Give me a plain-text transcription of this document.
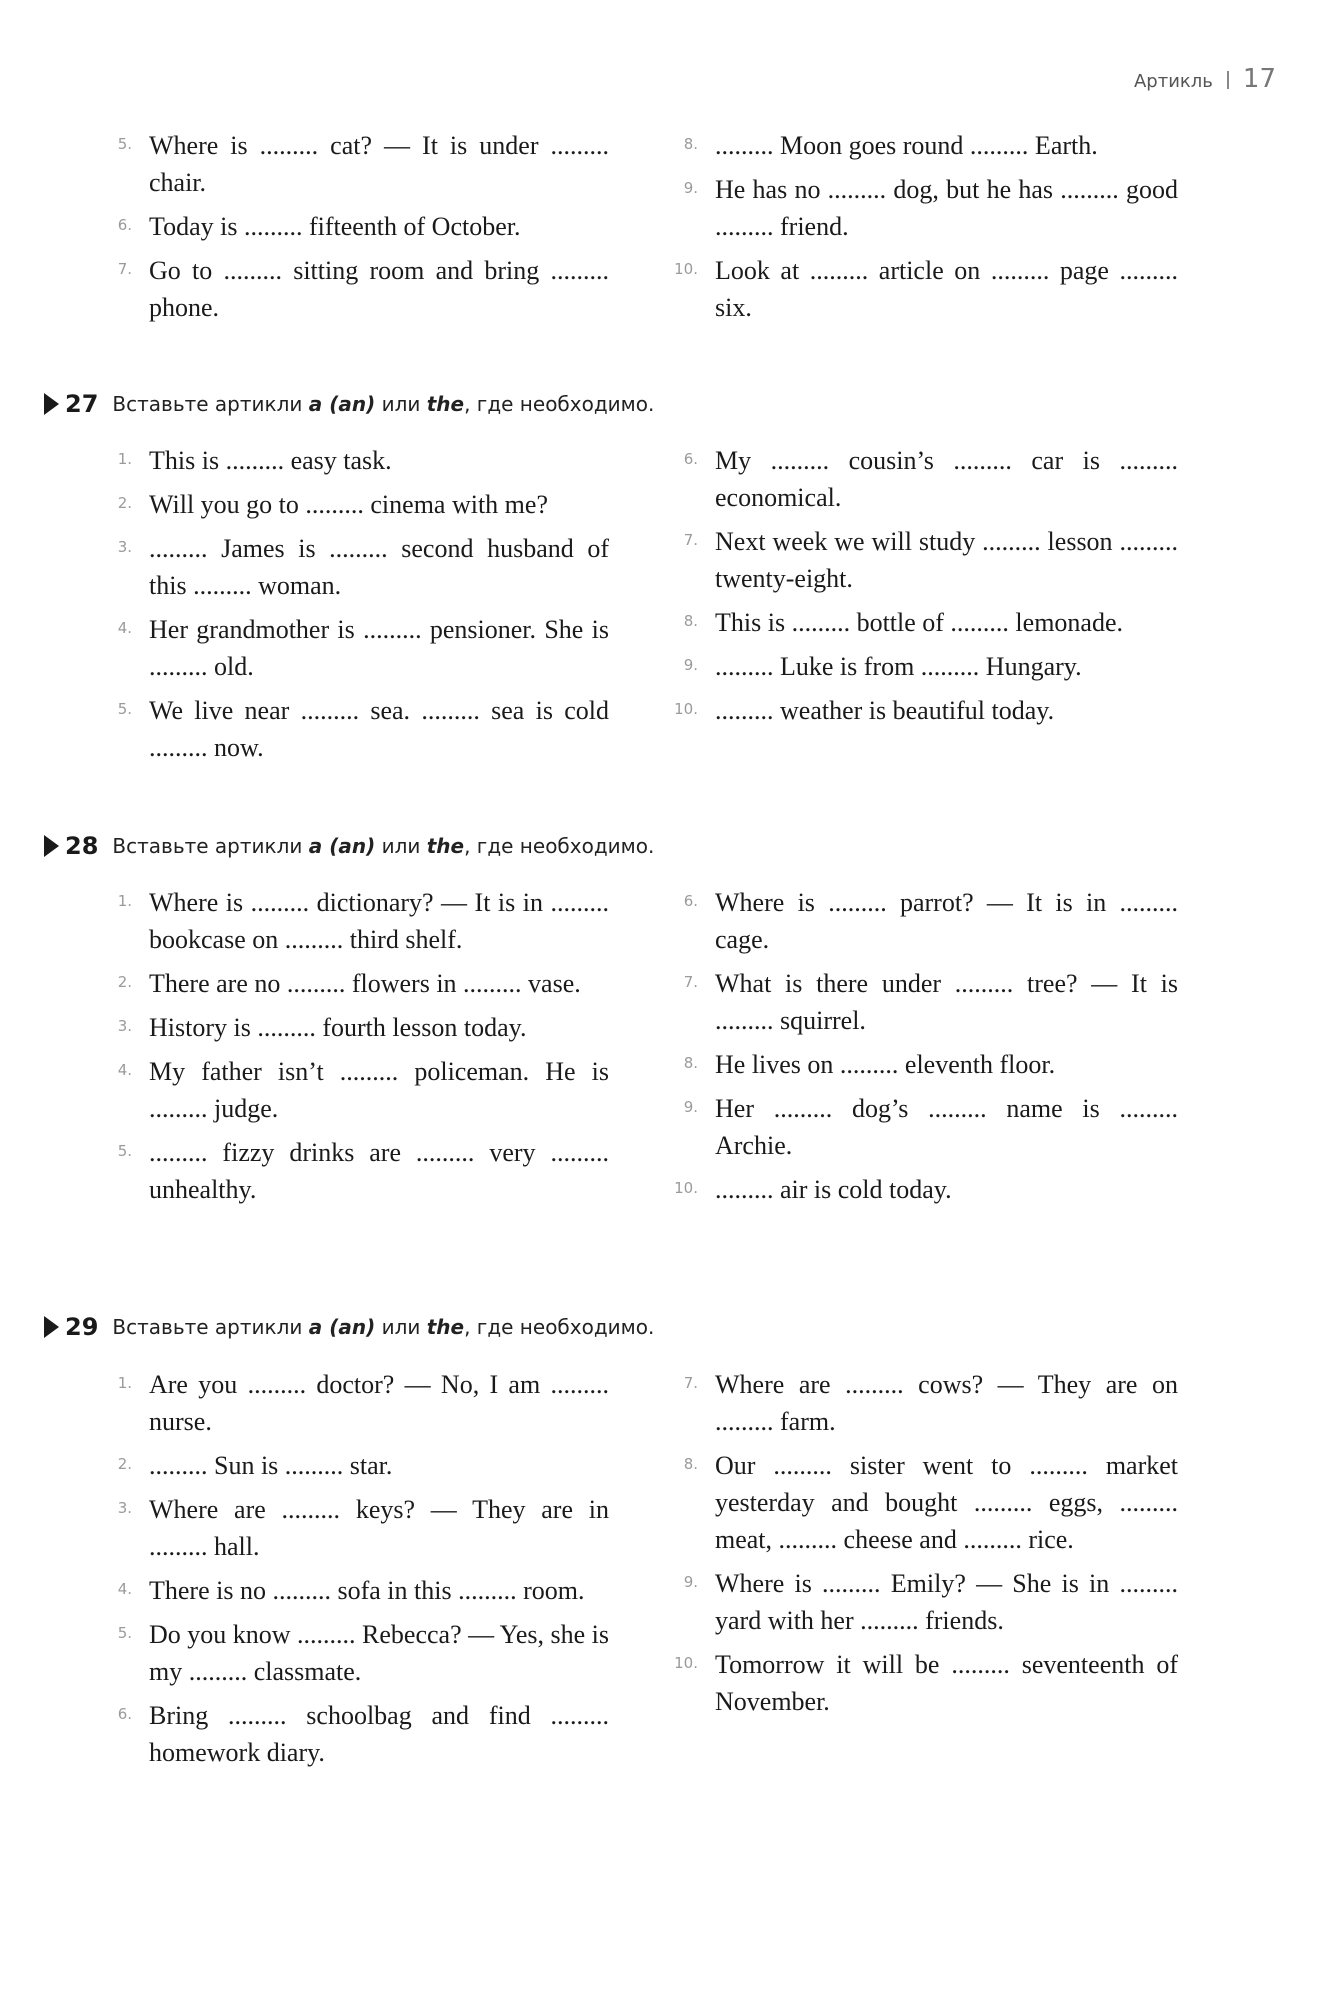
Артикль 17
5. Where is ......... cat? — It is under ......... chair.
6. Today is ......... fifteenth of October.
7. Go to ......... sitting room and bring ......... phone.
8. ......... Moon goes round ......... Earth.
9. He has no ......... dog, but he has ......... good ......... friend.
10. Look at ......... article on ......... page ......... six.
27 Вставьте артикли a (an) или the, где необходимо.
1. This is ......... easy task.
2. Will you go to ......... cinema with me?
3. ......... James is ......... second husband of this ......... woman.
4. Her grandmother is ......... pensioner. She is ......... old.
5. We live near ......... sea. ......... sea is cold ......... now.
6. My ......... cousin’s ......... car is ......... economical.
7. Next week we will study ......... lesson ......... twenty-eight.
8. This is ......... bottle of ......... lemonade.
9. ......... Luke is from ......... Hungary.
10. ......... weather is beautiful today.
28 Вставьте артикли a (an) или the, где необходимо.
1. Where is ......... dictionary? — It is in ......... bookcase on ......... third shelf.
2. There are no ......... flowers in ......... vase.
3. History is ......... fourth lesson today.
4. My father isn’t ......... policeman. He is ......... judge.
5. ......... fizzy drinks are ......... very ......... unhealthy.
6. Where is ......... parrot? — It is in ......... cage.
7. What is there under ......... tree? — It is ......... squirrel.
8. He lives on ......... eleventh floor.
9. Her ......... dog’s ......... name is ......... Archie.
10. ......... air is cold today.
29 Вставьте артикли a (an) или the, где необходимо.
1. Are you ......... doctor? — No, I am ......... nurse.
2. ......... Sun is ......... star.
3. Where are ......... keys? — They are in ......... hall.
4. There is no ......... sofa in this ......... room.
5. Do you know ......... Rebecca? — Yes, she is my ......... classmate.
6. Bring ......... schoolbag and find ......... homework diary.
7. Where are ......... cows? — They are on ......... farm.
8. Our ......... sister went to ......... market yesterday and bought ......... eggs, ......... meat, ......... cheese and ......... rice.
9. Where is ......... Emily? — She is in ......... yard with her ......... friends.
10. Tomorrow it will be ......... seventeenth of November.
